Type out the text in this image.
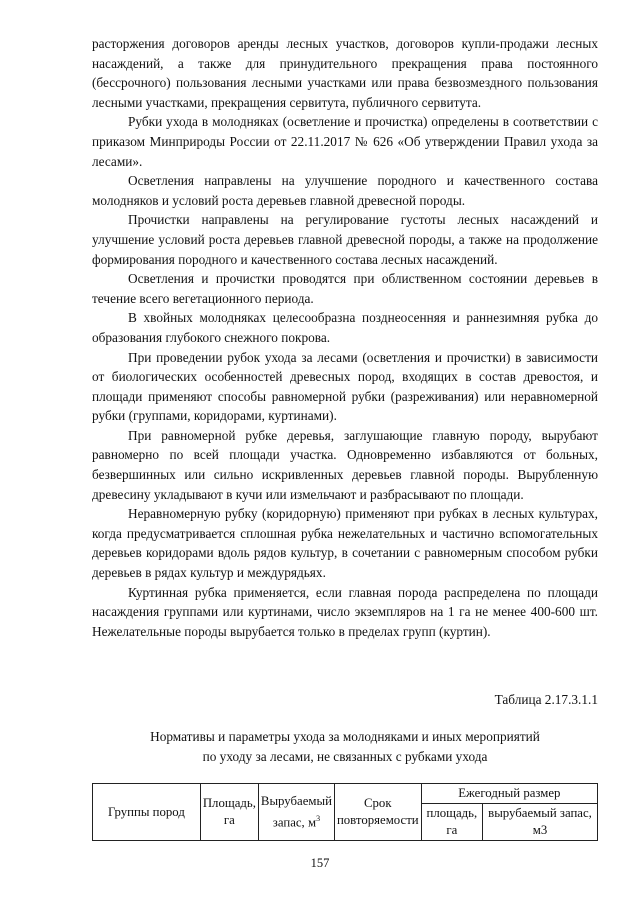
расторжения договоров аренды лесных участков, договоров купли-продажи лесных насаждений, а также для принудительного прекращения права постоянного (бессрочного) пользования лесными участками или права безвозмездного пользования лесными участками, прекращения сервитута, публичного сервитута.

Рубки ухода в молодняках (осветление и прочистка) определены в соответствии с приказом Минприроды России от 22.11.2017 № 626 «Об утверждении Правил ухода за лесами».

Осветления направлены на улучшение породного и качественного состава молодняков и условий роста деревьев главной древесной породы.

Прочистки направлены на регулирование густоты лесных насаждений и улучшение условий роста деревьев главной древесной породы, а также на продолжение формирования породного и качественного состава лесных насаждений.

Осветления и прочистки проводятся при облиственном состоянии деревьев в течение всего вегетационного периода.

В хвойных молодняках целесообразна позднеосенняя и раннезимняя рубка до образования глубокого снежного покрова.

При проведении рубок ухода за лесами (осветления и прочистки) в зависимости от биологических особенностей древесных пород, входящих в состав древостоя, и площади применяют способы равномерной рубки (разреживания) или неравномерной рубки (группами, коридорами, куртинами).

При равномерной рубке деревья, заглушающие главную породу, вырубают равномерно по всей площади участка. Одновременно избавляются от больных, безвершинных или сильно искривленных деревьев главной породы. Вырубленную древесину укладывают в кучи или измельчают и разбрасывают по площади.

Неравномерную рубку (коридорную) применяют при рубках в лесных культурах, когда предусматривается сплошная рубка нежелательных и частично вспомогательных деревьев коридорами вдоль рядов культур, в сочетании с равномерным способом рубки деревьев в рядах культур и междурядьях.

Куртинная рубка применяется, если главная порода распределена по площади насаждения группами или куртинами, число экземпляров на 1 га не менее 400-600 шт. Нежелательные породы вырубается только в пределах групп (куртин).

Таблица 2.17.3.1.1
Нормативы и параметры ухода за молодняками и иных мероприятий
по уходу за лесами, не связанных с рубками ухода
Группы пород	Площадь, га	Вырубаемый запас, $м^3$	Срок повторяемости	Ежегодный размер	
				площадь, га	вырубаемый запас, м3
157
